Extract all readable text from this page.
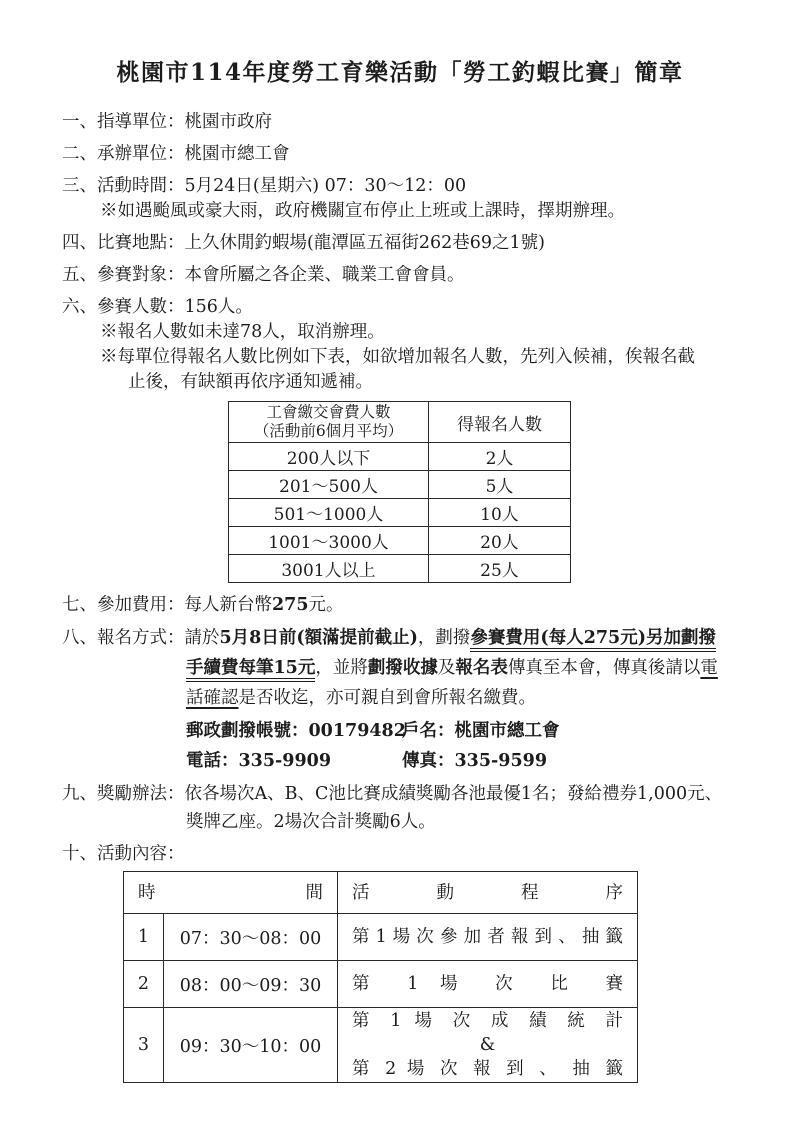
桃園市114年度勞工育樂活動「勞工釣蝦比賽」簡章
一、指導單位：桃園市政府
二、承辦單位：桃園市總工會
三、活動時間：5月24日(星期六) 07：30～12：00
※如遇颱風或豪大雨，政府機關宣布停止上班或上課時，擇期辦理。
四、比賽地點：上久休閒釣蝦場(龍潭區五福街262巷69之1號)
五、參賽對象：本會所屬之各企業、職業工會會員。
六、參賽人數：156人。
※報名人數如未達78人，取消辦理。
※每單位得報名人數比例如下表，如欲增加報名人數，先列入候補，俟報名截
止後，有缺額再依序通知遞補。
工會繳交會費人數
（活動前6個月平均）	得報名人數
200人以下	2人
201～500人	5人
501～1000人	10人
1001～3000人	20人
3001人以上	25人
七、參加費用：每人新台幣275元。
八、報名方式：請於5月8日前(額滿提前截止)，劃撥參賽費用(每人275元)另加劃撥
手續費每筆15元，並將劃撥收據及報名表傳真至本會，傳真後請以電
話確認是否收迄，亦可親自到會所報名繳費。
郵政劃撥帳號：00179482
戶名：桃園市總工會
電話：335-9909	傳真：335-9599
九、獎勵辦法：依各場次A、B、C池比賽成績獎勵各池最優1名；發給禮券1,000元、
獎牌乙座。2場次合計獎勵6人。
十、活動內容：
時 間		活 動 程 序

1	07：30～08：00	第 1 場 次 參 加 者 報 到 、 抽 籤

2	08：00～09：30	第 1 場 次 比 賽

3	09：30～10：00	第 1 場 次 成 績 統 計
&
第 2 場 次 報 到 、 抽 籤
